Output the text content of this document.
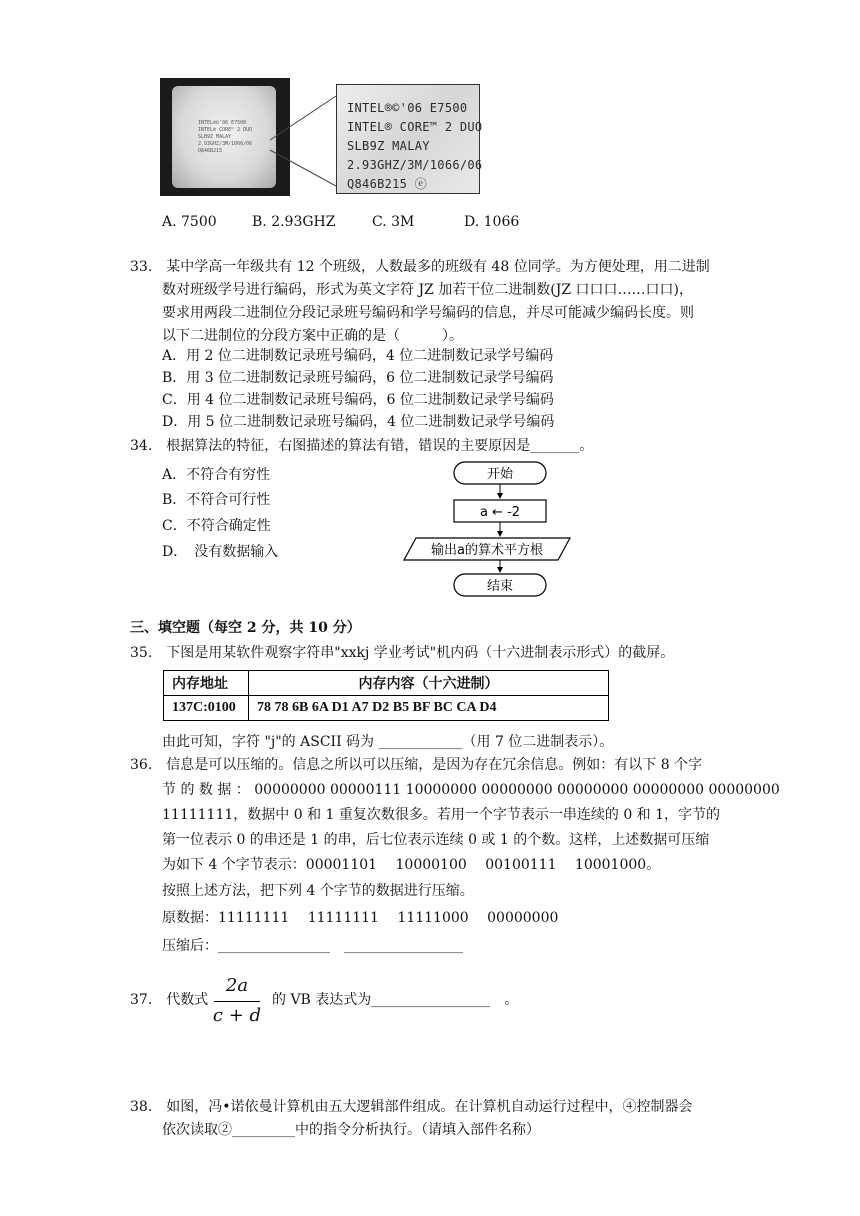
INTEL®©'06 E7500
INTEL® CORE™ 2 DUO
SLB9Z MALAY
2.93GHZ/3M/1066/06
Q846B215
INTEL®©'06 E7500
INTEL® CORE™ 2 DUO
SLB9Z MALAY
2.93GHZ/3M/1066/06
Q846B215 ⓔ
A. 7500	B. 2.93GHZ	C. 3M	D. 1066
33.　某中学高一年级共有 12 个班级，人数最多的班级有 48 位同学。为方便处理，用二进制
数对班级学号进行编码，形式为英文字符 JZ 加若干位二进制数(JZ 口口口……口口)，
要求用两段二进制位分段记录班号编码和学号编码的信息，并尽可能减少编码长度。则
以下二进制位的分段方案中正确的是（　　　）。
A．用 2 位二进制数记录班号编码，4 位二进制数记录学号编码
B．用 3 位二进制数记录班号编码，6 位二进制数记录学号编码
C．用 4 位二进制数记录班号编码，6 位二进制数记录学号编码
D．用 5 位二进制数记录班号编码，4 位二进制数记录学号编码
34.　根据算法的特征，右图描述的算法有错，错误的主要原因是_______。
A．不符合有穷性
B．不符合可行性
C．不符合确定性
D．　没有数据输入
开始
a ← -2
输出a的算术平方根
结束
三、填空题（每空 2 分，共 10 分）
35.　下图是用某软件观察字符串"xxkj 学业考试"机内码（十六进制表示形式）的截屏。
内存地址	内存内容（十六进制）
137C:0100	78 78 6B 6A D1 A7 D2 B5 BF BC CA D4
由此可知，字符 "j"的 ASCII 码为 ____________（用 7 位二进制表示）。
36.　信息是可以压缩的。信息之所以可以压缩，是因为存在冗余信息。例如：有以下 8 个字
节 的 数 据 ： 00000000 00000111 10000000 00000000 00000000 00000000 00000000
11111111，数据中 0 和 1 重复次数很多。若用一个字节表示一串连续的 0 和 1，字节的
第一位表示 0 的串还是 1 的串，后七位表示连续 0 或 1 的个数。这样，上述数据可压缩
为如下 4 个字节表示：00001101　 10000100　 00100111　 10001000。
按照上述方法，把下列 4 个字节的数据进行压缩。
原数据：11111111　 11111111　 11111000　 00000000
压缩后：________________　_________________
37.　代数式
2a
c + d
的 VB 表达式为_________________　。
38.　如图，冯•诺依曼计算机由五大逻辑部件组成。在计算机自动运行过程中，④控制器会
依次读取②_________中的指令分析执行。（请填入部件名称）
